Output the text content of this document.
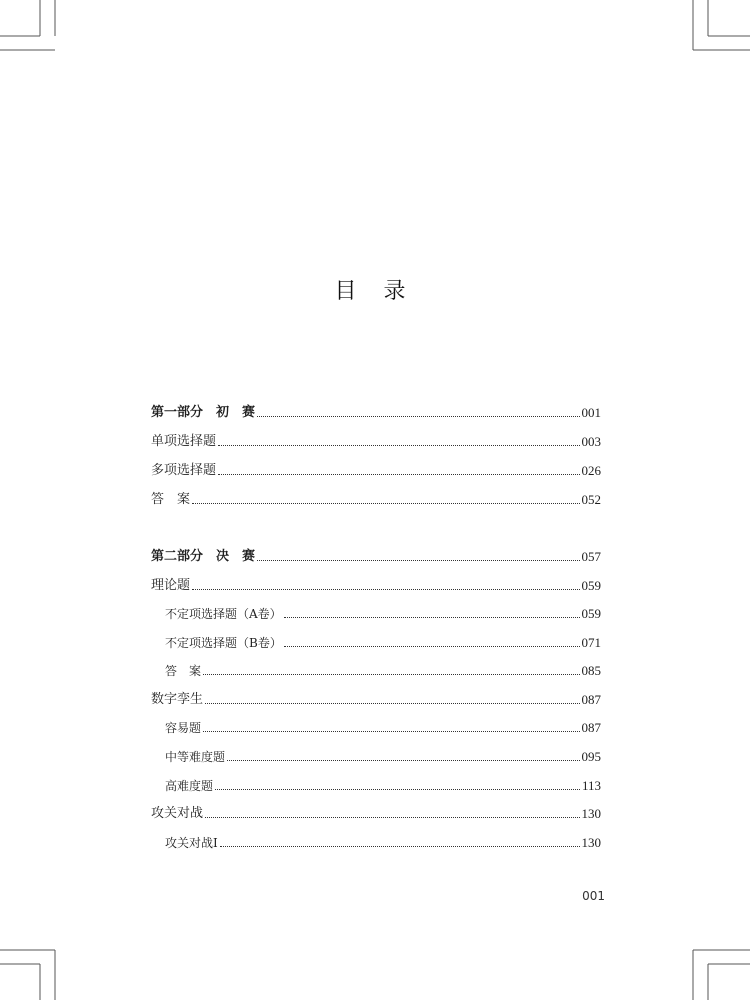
目 录
第一部分　初　赛	001
单项选择题	003
多项选择题	026
答　案	052
第二部分　决　赛	057
理论题	059
不定项选择题（A卷）	059
不定项选择题（B卷）	071
答　案	085
数字孪生	087
容易题	087
中等难度题	095
高难度题	113
攻关对战	130
攻关对战Ⅰ	130
001
